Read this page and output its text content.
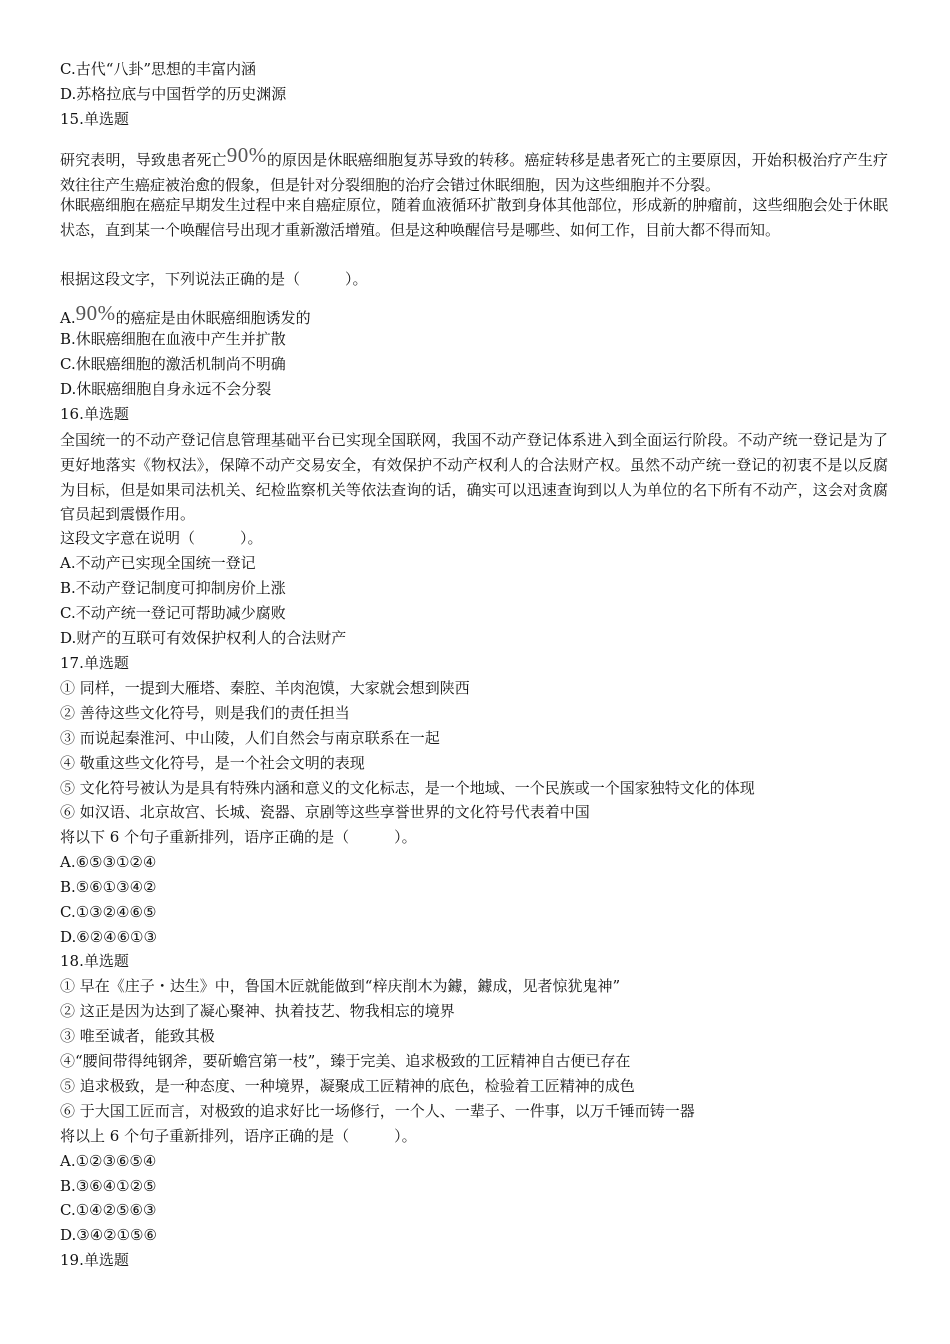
C.古代“八卦”思想的丰富内涵
D.苏格拉底与中国哲学的历史渊源
15.单选题
研究表明，导致患者死亡90%的原因是休眠癌细胞复苏导致的转移。癌症转移是患者死亡的主要原因，开始积极治疗产生疗效往往产生癌症被治愈的假象，但是针对分裂细胞的治疗会错过休眠细胞，因为这些细胞并不分裂。
休眠癌细胞在癌症早期发生过程中来自癌症原位，随着血液循环扩散到身体其他部位，形成新的肿瘤前，这些细胞会处于休眠状态，直到某一个唤醒信号出现才重新激活增殖。但是这种唤醒信号是哪些、如何工作，目前大都不得而知。
根据这段文字，下列说法正确的是（　　　）。
A.90%的癌症是由休眠癌细胞诱发的
B.休眠癌细胞在血液中产生并扩散
C.休眠癌细胞的激活机制尚不明确
D.休眠癌细胞自身永远不会分裂
16.单选题
全国统一的不动产登记信息管理基础平台已实现全国联网，我国不动产登记体系进入到全面运行阶段。不动产统一登记是为了更好地落实《物权法》，保障不动产交易安全，有效保护不动产权利人的合法财产权。虽然不动产统一登记的初衷不是以反腐为目标，但是如果司法机关、纪检监察机关等依法查询的话，确实可以迅速查询到以人为单位的名下所有不动产，这会对贪腐官员起到震慑作用。
这段文字意在说明（　　　）。
A.不动产已实现全国统一登记
B.不动产登记制度可抑制房价上涨
C.不动产统一登记可帮助减少腐败
D.财产的互联可有效保护权利人的合法财产
17.单选题
① 同样，一提到大雁塔、秦腔、羊肉泡馍，大家就会想到陕西
② 善待这些文化符号，则是我们的责任担当
③ 而说起秦淮河、中山陵，人们自然会与南京联系在一起
④ 敬重这些文化符号，是一个社会文明的表现
⑤ 文化符号被认为是具有特殊内涵和意义的文化标志，是一个地域、一个民族或一个国家独特文化的体现
⑥ 如汉语、北京故宫、长城、瓷器、京剧等这些享誉世界的文化符号代表着中国
将以下 6 个句子重新排列，语序正确的是（　　　）。
A.⑥⑤③①②④
B.⑤⑥①③④②
C.①③②④⑥⑤
D.⑥②④⑥①③
18.单选题
① 早在《庄子・达生》中，鲁国木匠就能做到“梓庆削木为鐻，鐻成，见者惊犹鬼神”
② 这正是因为达到了凝心聚神、执着技艺、物我相忘的境界
③ 唯至诚者，能致其极
④“腰间带得纯钢斧，要斫蟾宫第一枝”，臻于完美、追求极致的工匠精神自古便已存在
⑤ 追求极致，是一种态度、一种境界，凝聚成工匠精神的底色，检验着工匠精神的成色
⑥ 于大国工匠而言，对极致的追求好比一场修行，一个人、一辈子、一件事，以万千锤而铸一器
将以上 6 个句子重新排列，语序正确的是（　　　）。
A.①②③⑥⑤④
B.③⑥④①②⑤
C.①④②⑤⑥③
D.③④②①⑤⑥
19.单选题
